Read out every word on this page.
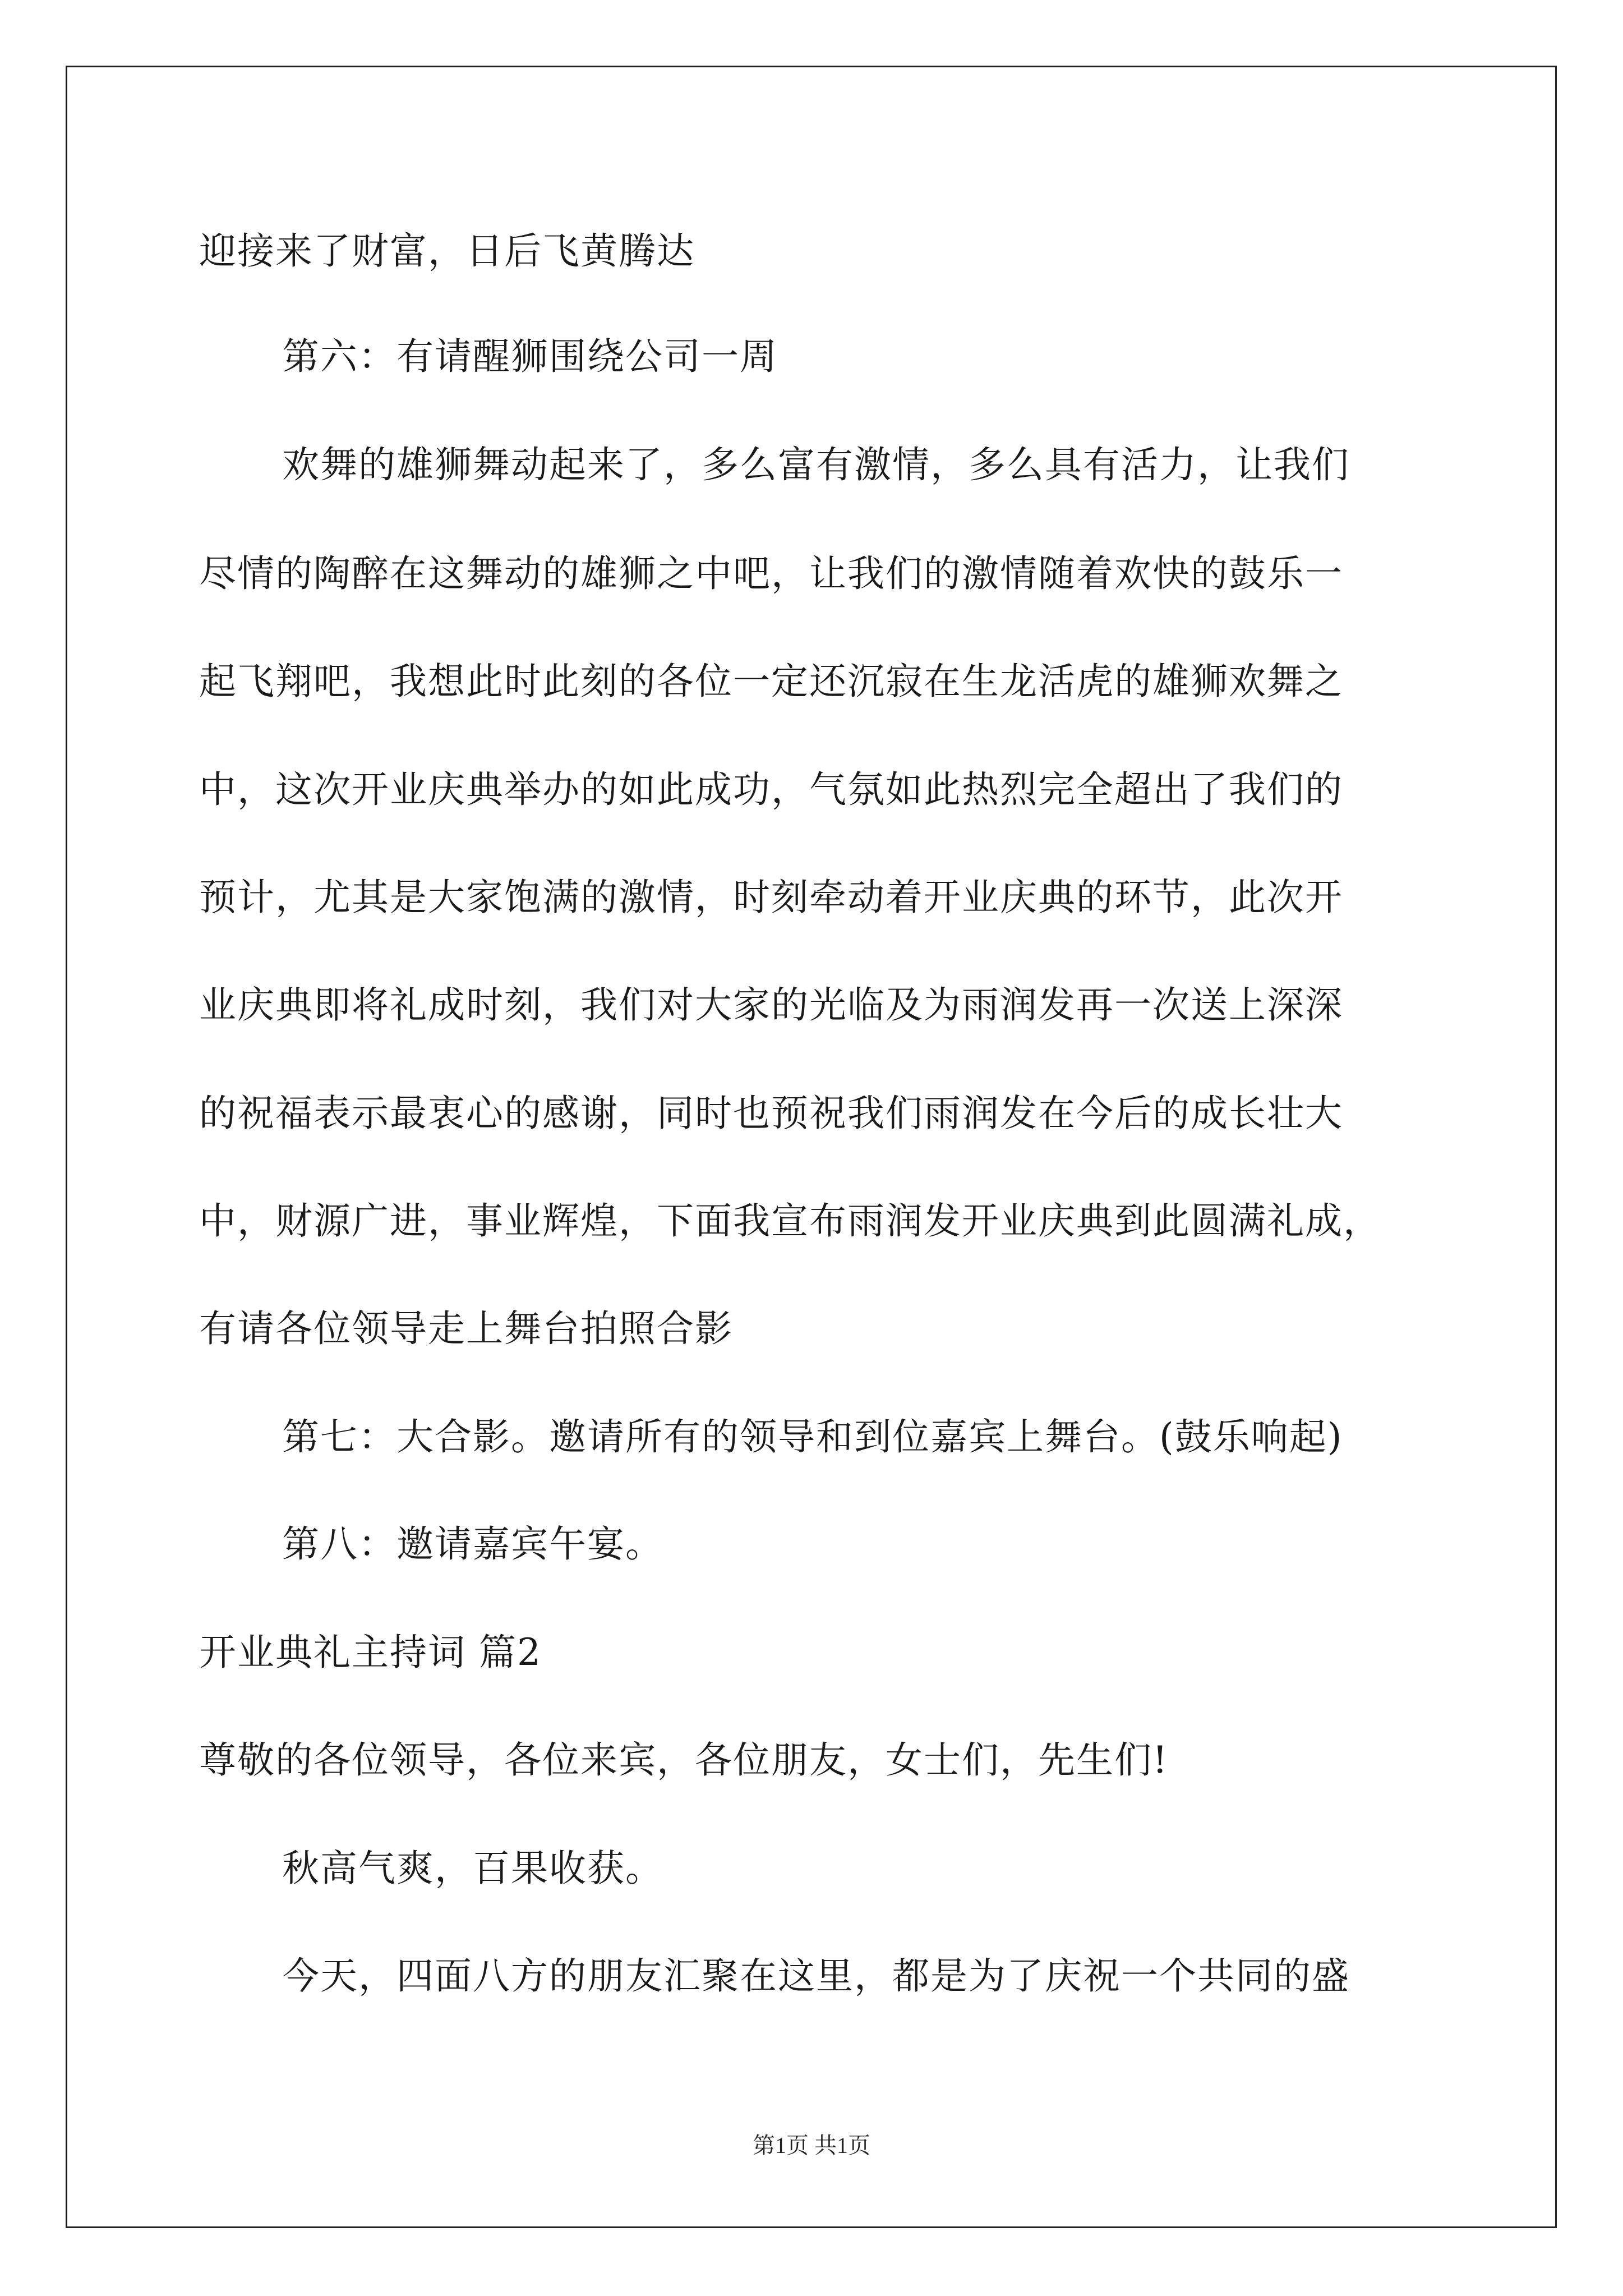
迎接来了财富，日后飞黄腾达
第六：有请醒狮围绕公司一周
欢舞的雄狮舞动起来了，多么富有激情，多么具有活力，让我们
尽情的陶醉在这舞动的雄狮之中吧，让我们的激情随着欢快的鼓乐一
起飞翔吧，我想此时此刻的各位一定还沉寂在生龙活虎的雄狮欢舞之
中，这次开业庆典举办的如此成功，气氛如此热烈完全超出了我们的
预计，尤其是大家饱满的激情，时刻牵动着开业庆典的环节，此次开
业庆典即将礼成时刻，我们对大家的光临及为雨润发再一次送上深深
的祝福表示最衷心的感谢，同时也预祝我们雨润发在今后的成长壮大
中，财源广进，事业辉煌，下面我宣布雨润发开业庆典到此圆满礼成，
有请各位领导走上舞台拍照合影
第七：大合影。邀请所有的领导和到位嘉宾上舞台。(鼓乐响起)
第八：邀请嘉宾午宴。
开业典礼主持词 篇2
尊敬的各位领导，各位来宾，各位朋友，女士们，先生们!
秋高气爽，百果收获。
今天，四面八方的朋友汇聚在这里，都是为了庆祝一个共同的盛
第1页 共1页
